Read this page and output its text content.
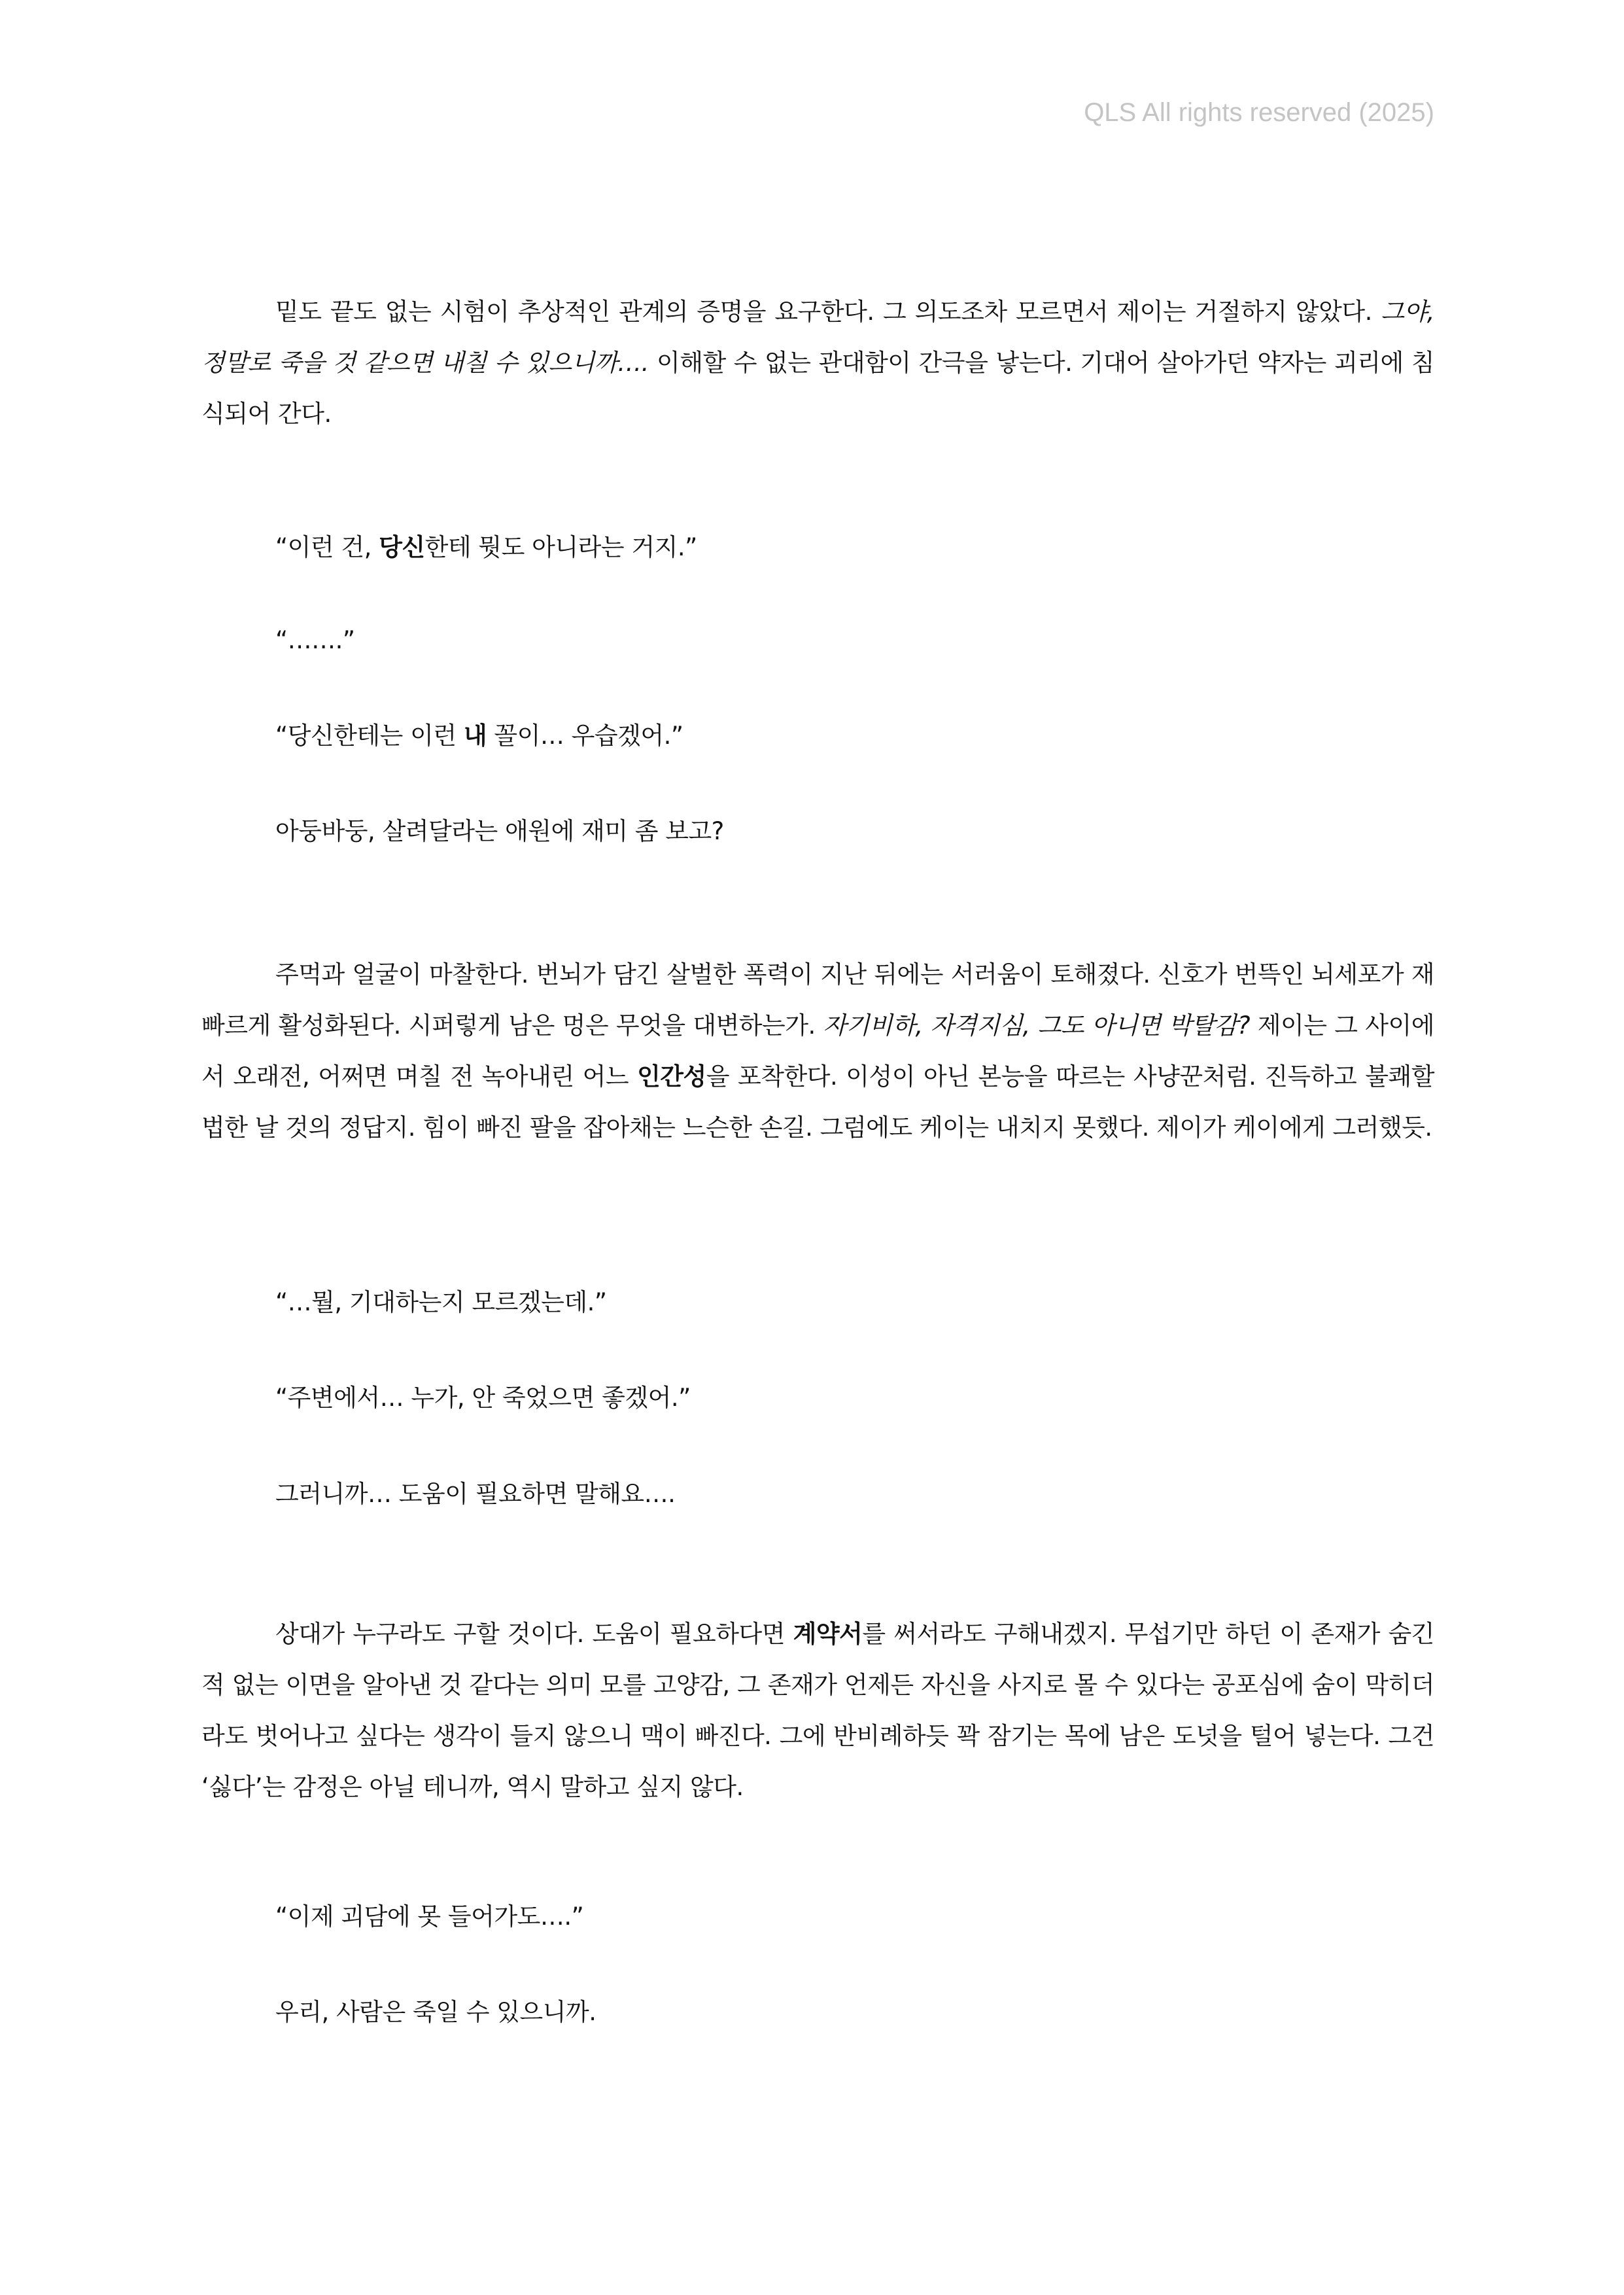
QLS All rights reserved (2025)

밑도 끝도 없는 시험이 추상적인 관계의 증명을 요구한다. 그 의도조차 모르면서 제이는 거절하지 않았다. 그야, 정말로 죽을 것 같으면 내칠 수 있으니까…. 이해할 수 없는 관대함이 간극을 낳는다. 기대어 살아가던 약자는 괴리에 침식되어 간다.

“이런 건, 당신한테 뭣도 아니라는 거지.”

“…….”

“당신한테는 이런 내 꼴이… 우습겠어.”

아둥바둥, 살려달라는 애원에 재미 좀 보고?

주먹과 얼굴이 마찰한다. 번뇌가 담긴 살벌한 폭력이 지난 뒤에는 서러움이 토해졌다. 신호가 번뜩인 뇌세포가 재빠르게 활성화된다. 시퍼렇게 남은 멍은 무엇을 대변하는가. 자기비하, 자격지심, 그도 아니면 박탈감? 제이는 그 사이에서 오래전, 어쩌면 며칠 전 녹아내린 어느 인간성을 포착한다. 이성이 아닌 본능을 따르는 사냥꾼처럼. 진득하고 불쾌할 법한 날 것의 정답지. 힘이 빠진 팔을 잡아채는 느슨한 손길. 그럼에도 케이는 내치지 못했다. 제이가 케이에게 그러했듯.

“…뭘, 기대하는지 모르겠는데.”

“주변에서… 누가, 안 죽었으면 좋겠어.”

그러니까… 도움이 필요하면 말해요….

상대가 누구라도 구할 것이다. 도움이 필요하다면 계약서를 써서라도 구해내겠지. 무섭기만 하던 이 존재가 숨긴 적 없는 이면을 알아낸 것 같다는 의미 모를 고양감, 그 존재가 언제든 자신을 사지로 몰 수 있다는 공포심에 숨이 막히더라도 벗어나고 싶다는 생각이 들지 않으니 맥이 빠진다. 그에 반비례하듯 꽉 잠기는 목에 남은 도넛을 털어 넣는다. 그건 ‘싫다’는 감정은 아닐 테니까, 역시 말하고 싶지 않다.

“이제 괴담에 못 들어가도….”

우리, 사람은 죽일 수 있으니까.
